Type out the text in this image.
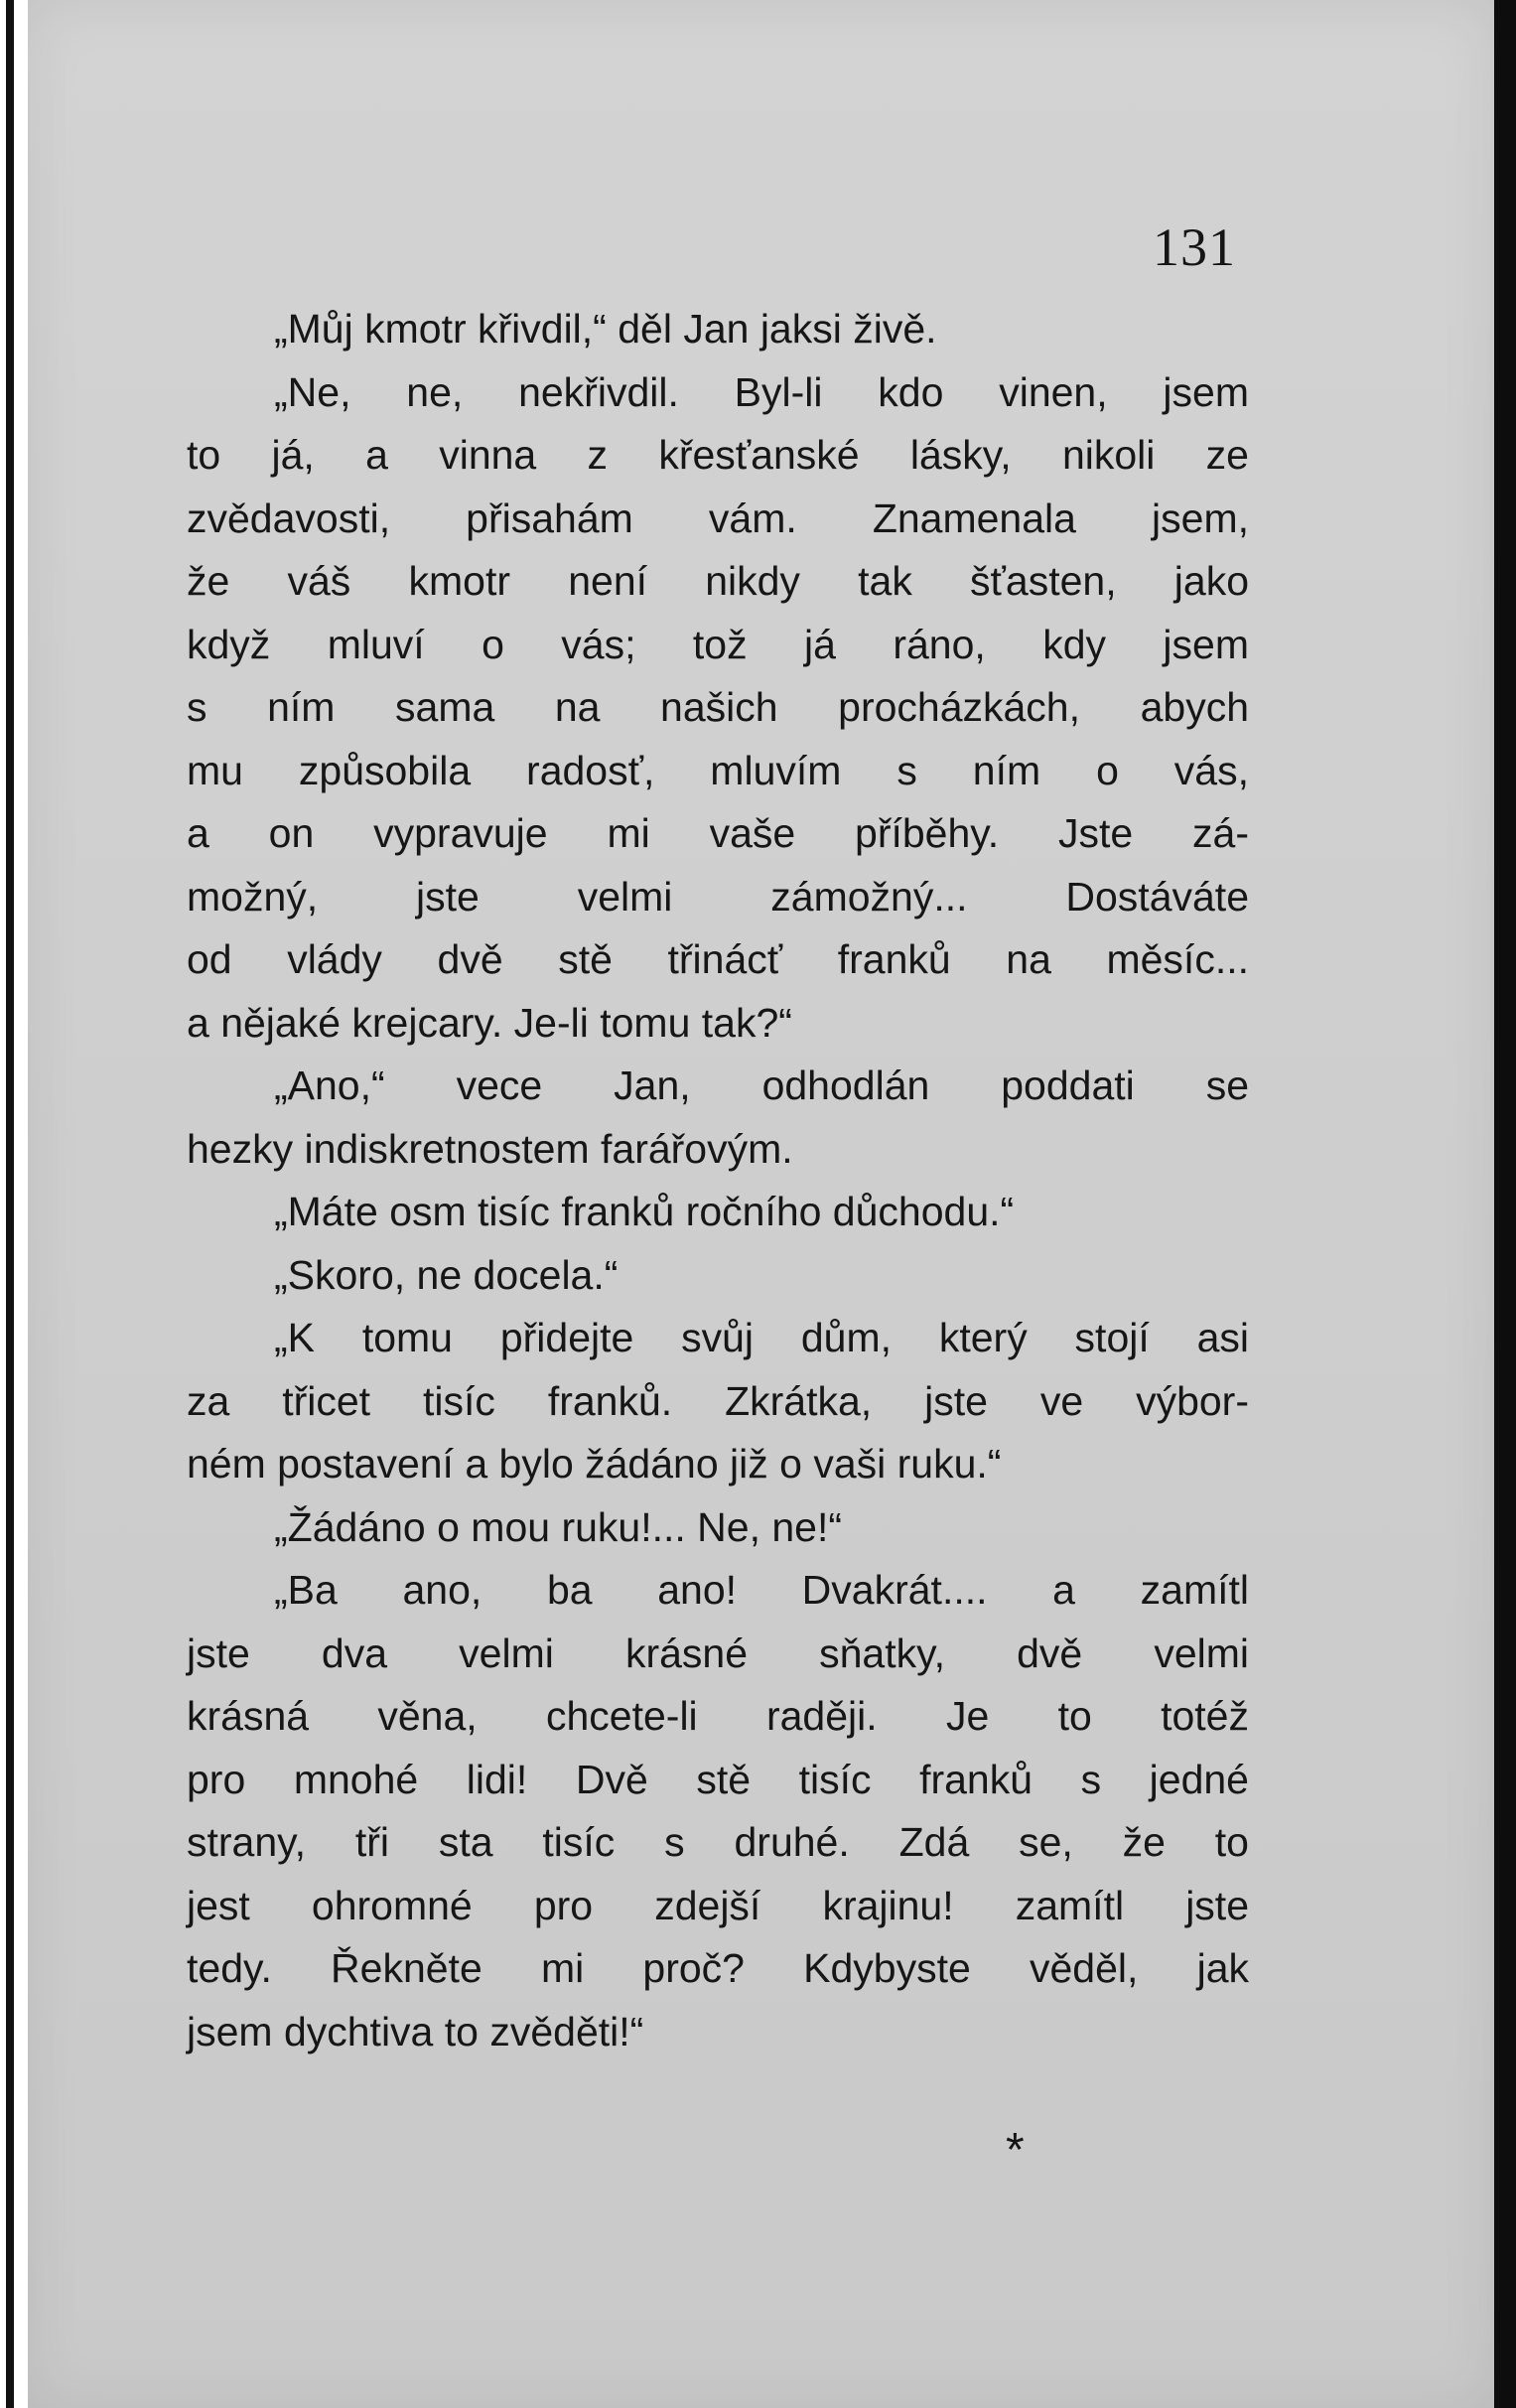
131
„Můj kmotr křivdil,“ děl Jan jaksi živě.
„Ne, ne, nekřivdil. Byl-li kdo vinen, jsem
to já, a vinna z křesťanské lásky, nikoli ze
zvědavosti, přisahám vám. Znamenala jsem,
že váš kmotr není nikdy tak šťasten, jako
když mluví o vás; tož já ráno, kdy jsem
s ním sama na našich procházkách, abych
mu způsobila radosť, mluvím s ním o vás,
a on vypravuje mi vaše příběhy. Jste zá-
možný, jste velmi zámožný... Dostáváte
od vlády dvě stě třinácť franků na měsíc...
a nějaké krejcary. Je-li tomu tak?“
„Ano,“ vece Jan, odhodlán poddati se
hezky indiskretnostem farářovým.
„Máte osm tisíc franků ročního důchodu.“
„Skoro, ne docela.“
„K tomu přidejte svůj dům, který stojí asi
za třicet tisíc franků. Zkrátka, jste ve výbor-
ném postavení a bylo žádáno již o vaši ruku.“
„Žádáno o mou ruku!... Ne, ne!“
„Ba ano, ba ano! Dvakrát.... a zamítl
jste dva velmi krásné sňatky, dvě velmi
krásná věna, chcete-li raději. Je to totéž
pro mnohé lidi! Dvě stě tisíc franků s jedné
strany, tři sta tisíc s druhé. Zdá se, že to
jest ohromné pro zdejší krajinu! zamítl jste
tedy. Řekněte mi proč? Kdybyste věděl, jak
jsem dychtiva to zvěděti!“
*
